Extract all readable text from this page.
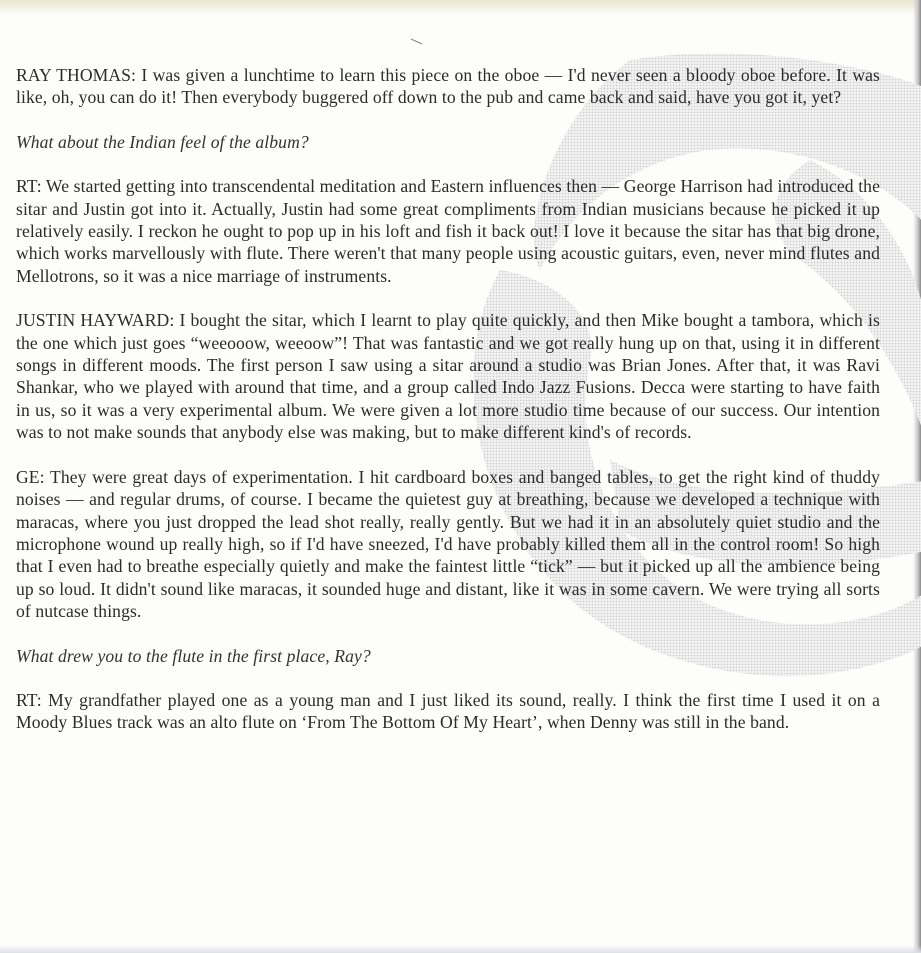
RAY THOMAS: I was given a lunchtime to learn this piece on the oboe — I'd never seen a bloody oboe before. It was like, oh, you can do it! Then everybody buggered off down to the pub and came back and said, have you got it, yet?

What about the Indian feel of the album?

RT: We started getting into transcendental meditation and Eastern influences then — George Harrison had introduced the sitar and Justin got into it. Actually, Justin had some great compliments from Indian musicians because he picked it up relatively easily. I reckon he ought to pop up in his loft and fish it back out! I love it because the sitar has that big drone, which works marvellously with flute. There weren't that many people using acoustic guitars, even, never mind flutes and Mellotrons, so it was a nice marriage of instruments.

JUSTIN HAYWARD: I bought the sitar, which I learnt to play quite quickly, and then Mike bought a tambora, which is the one which just goes “weeooow, weeoow”! That was fantastic and we got really hung up on that, using it in different songs in different moods. The first person I saw using a sitar around a studio was Brian Jones. After that, it was Ravi Shankar, who we played with around that time, and a group called Indo Jazz Fusions. Decca were starting to have faith in us, so it was a very experimental album. We were given a lot more studio time because of our success. Our intention was to not make sounds that anybody else was making, but to make different kind's of records.

GE: They were great days of experimentation. I hit cardboard boxes and banged tables, to get the right kind of thuddy noises — and regular drums, of course. I became the quietest guy at breathing, because we developed a technique with maracas, where you just dropped the lead shot really, really gently. But we had it in an absolutely quiet studio and the microphone wound up really high, so if I'd have sneezed, I'd have probably killed them all in the control room! So high that I even had to breathe especially quietly and make the faintest little “tick” — but it picked up all the ambience being up so loud. It didn't sound like maracas, it sounded huge and distant, like it was in some cavern. We were trying all sorts of nutcase things.

What drew you to the flute in the first place, Ray?

RT: My grandfather played one as a young man and I just liked its sound, really. I think the first time I used it on a Moody Blues track was an alto flute on ‘From The Bottom Of My Heart’, when Denny was still in the band.
